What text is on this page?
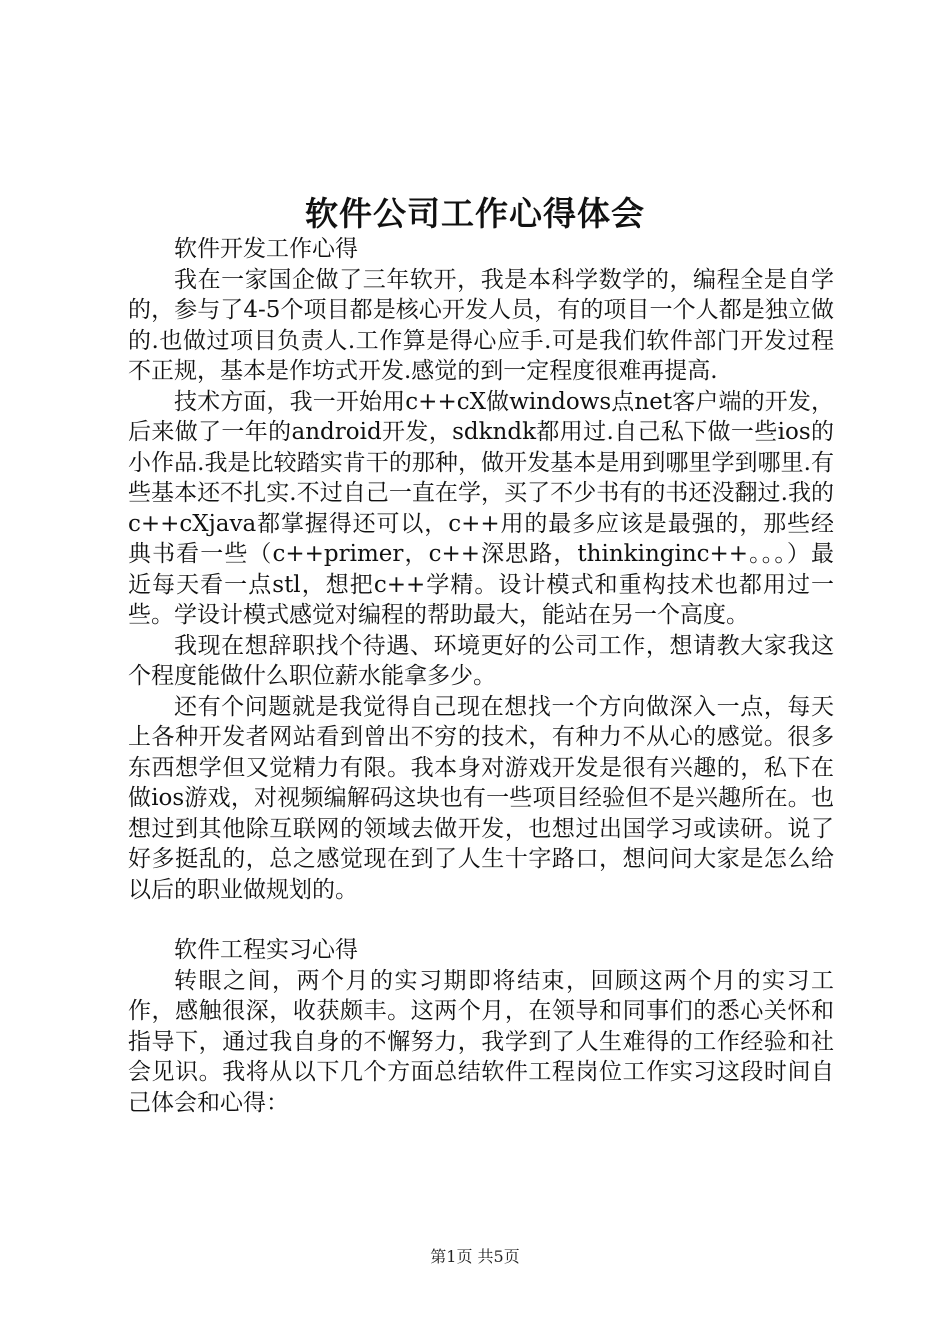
软件公司工作心得体会

软件开发工作心得

我在一家国企做了三年软开，我是本科学数学的，编程全是自学的，参与了4-5个项目都是核心开发人员，有的项目一个人都是独立做的.也做过项目负责人.工作算是得心应手.可是我们软件部门开发过程不正规，基本是作坊式开发.感觉的到一定程度很难再提高.

技术方面，我一开始用c++cX做windows点net客户端的开发，后来做了一年的android开发，sdkndk都用过.自己私下做一些ios的小作品.我是比较踏实肯干的那种，做开发基本是用到哪里学到哪里.有些基本还不扎实.不过自己一直在学，买了不少书有的书还没翻过.我的c++cXjava都掌握得还可以，c++用的最多应该是最强的，那些经典书看一些（c++primer，c++深思路，thinkinginc++。。。）最近每天看一点stl，想把c++学精。设计模式和重构技术也都用过一些。学设计模式感觉对编程的帮助最大，能站在另一个高度。

我现在想辞职找个待遇、环境更好的公司工作，想请教大家我这个程度能做什么职位薪水能拿多少。

还有个问题就是我觉得自己现在想找一个方向做深入一点，每天上各种开发者网站看到曾出不穷的技术，有种力不从心的感觉。很多东西想学但又觉精力有限。我本身对游戏开发是很有兴趣的，私下在做ios游戏，对视频编解码这块也有一些项目经验但不是兴趣所在。也想过到其他除互联网的领域去做开发，也想过出国学习或读研。说了好多挺乱的，总之感觉现在到了人生十字路口，想问问大家是怎么给以后的职业做规划的。

软件工程实习心得

转眼之间，两个月的实习期即将结束，回顾这两个月的实习工作，感触很深，收获颇丰。这两个月，在领导和同事们的悉心关怀和指导下，通过我自身的不懈努力，我学到了人生难得的工作经验和社会见识。我将从以下几个方面总结软件工程岗位工作实习这段时间自己体会和心得：

第1页 共5页
